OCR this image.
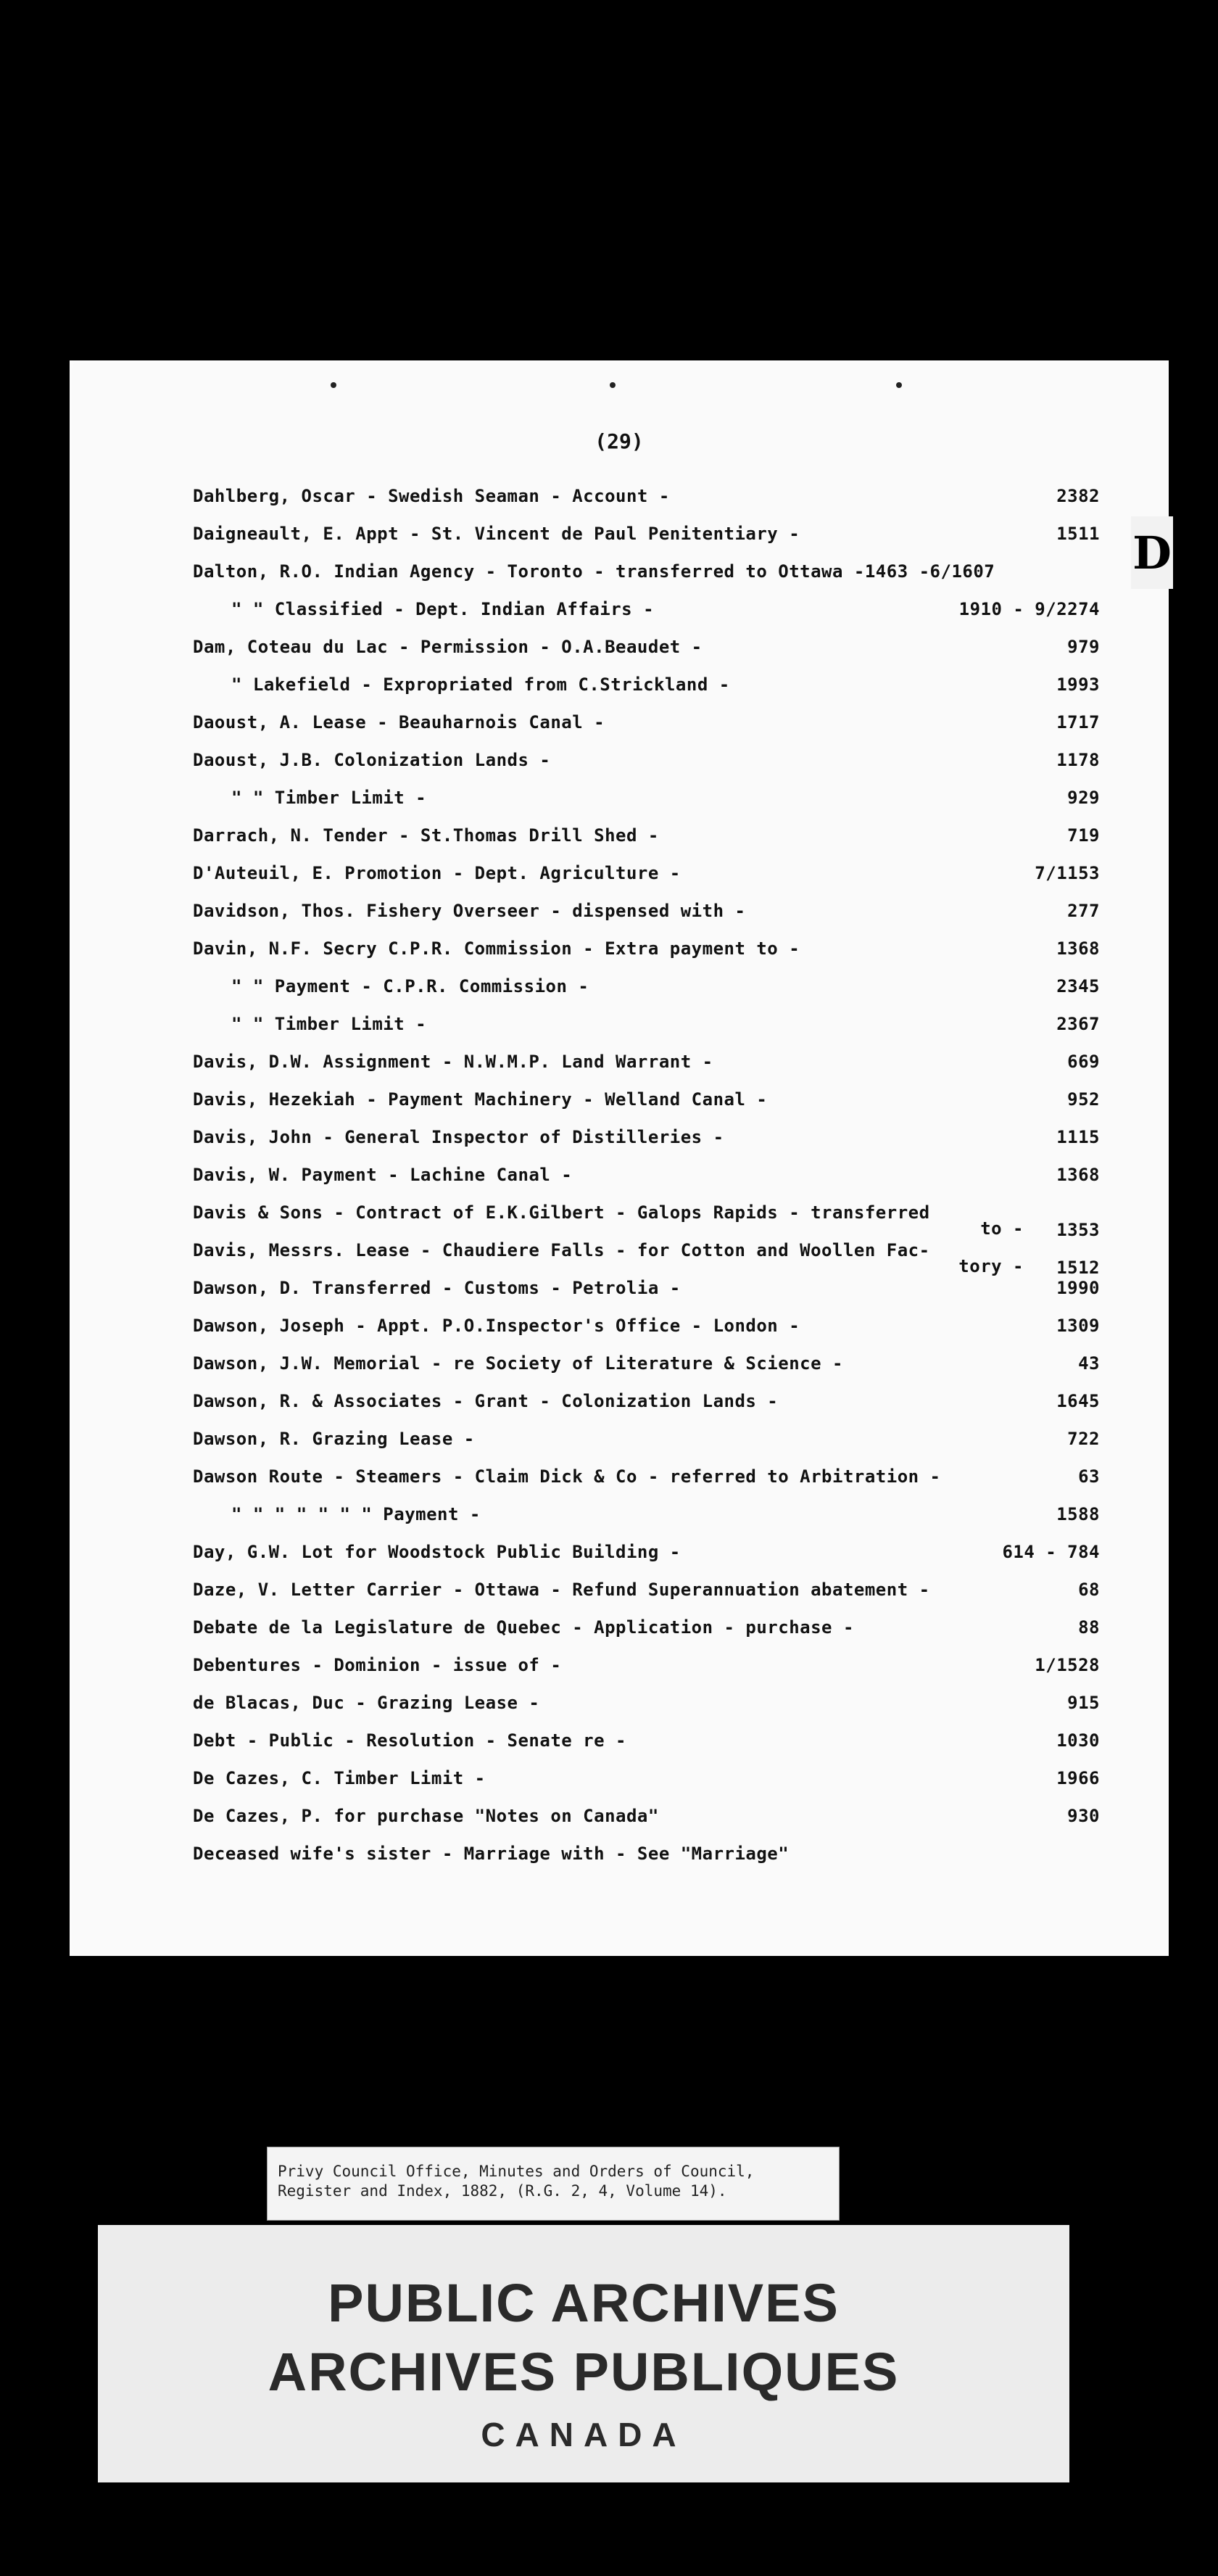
(29)
Dahlberg, Oscar - Swedish Seaman - Account -	2382
Daigneault, E. Appt - St. Vincent de Paul Penitentiary -	1511
Dalton, R.O. Indian Agency - Toronto - transferred to Ottawa -1463 -6/1607
" " Classified - Dept. Indian Affairs -	1910 - 9/2274
Dam, Coteau du Lac - Permission - O.A.Beaudet -	979
" Lakefield - Expropriated from C.Strickland -	1993
Daoust, A. Lease - Beauharnois Canal -	1717
Daoust, J.B. Colonization Lands -	1178
" " Timber Limit -	929
Darrach, N. Tender - St.Thomas Drill Shed -	719
D'Auteuil, E. Promotion - Dept. Agriculture -	7/1153
Davidson, Thos. Fishery Overseer - dispensed with -	277
Davin, N.F. Secry C.P.R. Commission - Extra payment to -	1368
" " Payment - C.P.R. Commission -	2345
" " Timber Limit -	2367
Davis, D.W. Assignment - N.W.M.P. Land Warrant -	669
Davis, Hezekiah - Payment Machinery - Welland Canal -	952
Davis, John - General Inspector of Distilleries -	1115
Davis, W. Payment - Lachine Canal -	1368
Davis & Sons - Contract of E.K.Gilbert - Galops Rapids - transferred
to - 1353
Davis, Messrs. Lease - Chaudiere Falls - for Cotton and Woollen Fac-
tory - 1512
Dawson, D. Transferred - Customs - Petrolia -	1990
Dawson, Joseph - Appt. P.O.Inspector's Office - London -	1309
Dawson, J.W. Memorial - re Society of Literature & Science -	43
Dawson, R. & Associates - Grant - Colonization Lands -	1645
Dawson, R. Grazing Lease -	722
Dawson Route - Steamers - Claim Dick & Co - referred to Arbitration -	63
" " " " " " " Payment -	1588
Day, G.W. Lot for Woodstock Public Building -	614 - 784
Daze, V. Letter Carrier - Ottawa - Refund Superannuation abatement -	68
Debate de la Legislature de Quebec - Application - purchase -	88
Debentures - Dominion - issue of -	1/1528
de Blacas, Duc - Grazing Lease -	915
Debt - Public - Resolution - Senate re -	1030
De Cazes, C. Timber Limit -	1966
De Cazes, P. for purchase "Notes on Canada"	930
Deceased wife's sister - Marriage with - See "Marriage"
D
Privy Council Office, Minutes and Orders of Council,
Register and Index, 1882, (R.G. 2, 4, Volume 14).
PUBLIC ARCHIVES
ARCHIVES PUBLIQUES
CANADA
